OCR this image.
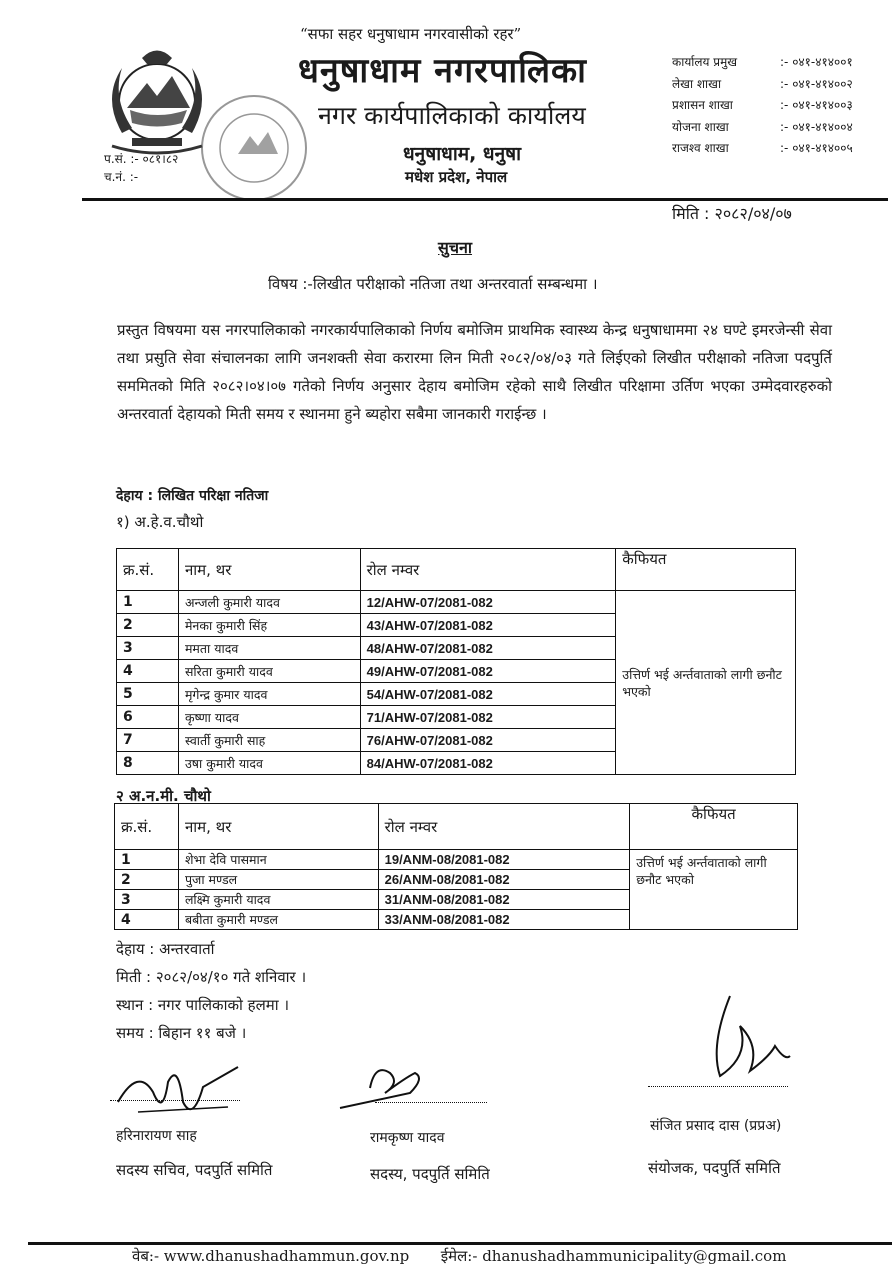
“सफा सहर धनुषाधाम नगरवासीको रहर”
धनुषाधाम नगरपालिका
नगर कार्यपालिकाको कार्यालय
धनुषाधाम, धनुषा
मधेश प्रदेश, नेपाल
प.सं. :- ०८१।८२
च.नं. :-
कार्यालय प्रमुख	:- ०४१-४१४००१
लेखा शाखा	:- ०४१-४१४००२
प्रशासन शाखा	:- ०४१-४१४००३
योजना शाखा	:- ०४१-४१४००४
राजश्व शाखा	:- ०४१-४१४००५
मिति : २०८२/०४/०७
सुचना
विषय :-लिखीत परीक्षाको नतिजा तथा अन्तरवार्ता सम्बन्धमा ।
प्रस्तुत विषयमा यस नगरपालिकाको नगरकार्यपालिकाको निर्णय बमोजिम प्राथमिक स्वास्थ्य केन्द्र धनुषाधाममा २४ घण्टे इमरजेन्सी सेवा तथा प्रसुति सेवा संचालनका लागि जनशक्ती सेवा करारमा लिन मिती २०८२/०४/०३ गते लिईएको लिखीत परीक्षाको नतिजा पदपुर्ति सममितको मिति २०८२।०४।०७ गतेको निर्णय अनुसार देहाय बमोजिम रहेको साथै लिखीत परिक्षामा उर्तिण भएका उम्मेदवारहरुको अन्तरवार्ता देहायको मिती समय र स्थानमा हुने ब्यहोरा सबैमा जानकारी गराईन्छ ।
देहाय : लिखित परिक्षा नतिजा
१) अ.हे.व.चौथो
क्र.सं.	नाम, थर	रोल नम्वर	कैफियत
1	अन्जली कुमारी यादव	12/AHW-07/2081-082	उत्तिर्ण भई अर्न्तवाताको लागी छनौट भएको
2	मेनका कुमारी सिंह	43/AHW-07/2081-082	
3	ममता यादव	48/AHW-07/2081-082	
4	सरिता कुमारी यादव	49/AHW-07/2081-082	
5	मृगेन्द्र कुमार यादव	54/AHW-07/2081-082	
6	कृष्णा यादव	71/AHW-07/2081-082	
7	स्वार्ती कुमारी साह	76/AHW-07/2081-082	
8	उषा कुमारी यादव	84/AHW-07/2081-082	
२ अ.न.मी. चौथो
क्र.सं.	नाम, थर	रोल नम्वर	कैफियत
1	शेभा देवि पासमान	19/ANM-08/2081-082	उत्तिर्ण भई अर्न्तवाताको लागी छनौट भएको
2	पुजा मण्डल	26/ANM-08/2081-082	
3	लक्ष्मि कुमारी यादव	31/ANM-08/2081-082	
4	बबीता कुमारी मण्डल	33/ANM-08/2081-082	
देहाय : अन्तरवार्ता
मिती : २०८२/०४/१० गते शनिवार ।
स्थान : नगर पालिकाको हलमा ।
समय : बिहान ११ बजे ।
हरिनारायण साह
सदस्य सचिव, पदपुर्ति समिति
रामकृष्ण यादव
सदस्य, पदपुर्ति समिति
संजित प्रसाद दास (प्रप्रअ)
संयोजक, पदपुर्ति समिति
वेब:- www.dhanushadhammun.gov.np ईमेल:- dhanushadhammunicipality@gmail.com
